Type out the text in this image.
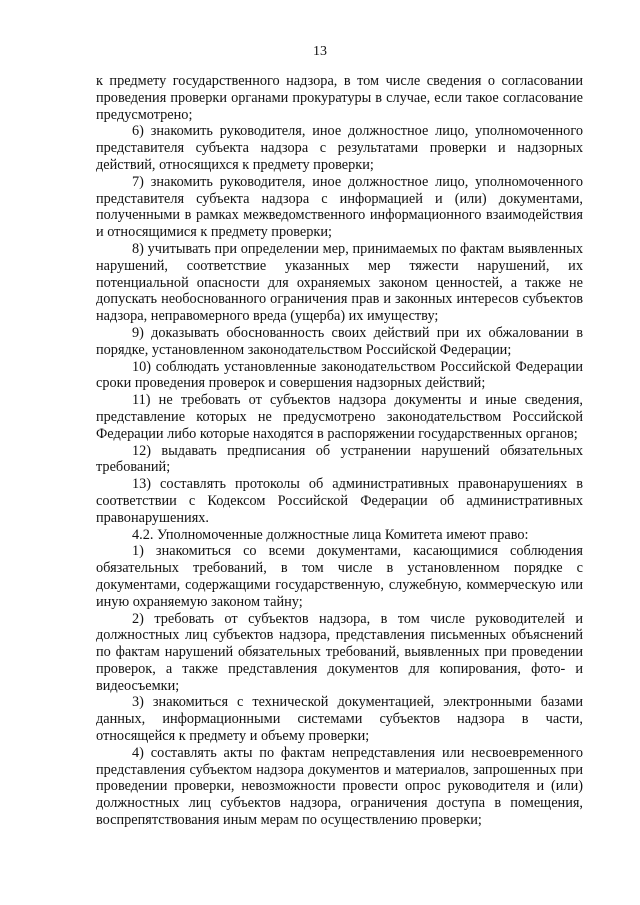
13

к предмету государственного надзора, в том числе сведения о согласовании проведения проверки органами прокуратуры в случае, если такое согласование предусмотрено;

6) знакомить руководителя, иное должностное лицо, уполномоченного представителя субъекта надзора с результатами проверки и надзорных действий, относящихся к предмету проверки;

7) знакомить руководителя, иное должностное лицо, уполномоченного представителя субъекта надзора с информацией и (или) документами, полученными в рамках межведомственного информационного взаимодействия и относящимися к предмету проверки;

8) учитывать при определении мер, принимаемых по фактам выявленных нарушений, соответствие указанных мер тяжести нарушений, их потенциальной опасности для охраняемых законом ценностей, а также не допускать необоснованного ограничения прав и законных интересов субъектов надзора, неправомерного вреда (ущерба) их имуществу;

9) доказывать обоснованность своих действий при их обжаловании в порядке, установленном законодательством Российской Федерации;

10) соблюдать установленные законодательством Российской Федерации сроки проведения проверок и совершения надзорных действий;

11) не требовать от субъектов надзора документы и иные сведения, представление которых не предусмотрено законодательством Российской Федерации либо которые находятся в распоряжении государственных органов;

12) выдавать предписания об устранении нарушений обязательных требований;

13) составлять протоколы об административных правонарушениях в соответствии с Кодексом Российской Федерации об административных правонарушениях.

4.2. Уполномоченные должностные лица Комитета имеют право:

1) знакомиться со всеми документами, касающимися соблюдения обязательных требований, в том числе в установленном порядке с документами, содержащими государственную, служебную, коммерческую или иную охраняемую законом тайну;

2) требовать от субъектов надзора, в том числе руководителей и должностных лиц субъектов надзора, представления письменных объяснений по фактам нарушений обязательных требований, выявленных при проведении проверок, а также представления документов для копирования, фото- и видеосъемки;

3) знакомиться с технической документацией, электронными базами данных, информационными системами субъектов надзора в части, относящейся к предмету и объему проверки;

4) составлять акты по фактам непредставления или несвоевременного представления субъектом надзора документов и материалов, запрошенных при проведении проверки, невозможности провести опрос руководителя и (или) должностных лиц субъектов надзора, ограничения доступа в помещения, воспрепятствования иным мерам по осуществлению проверки;
